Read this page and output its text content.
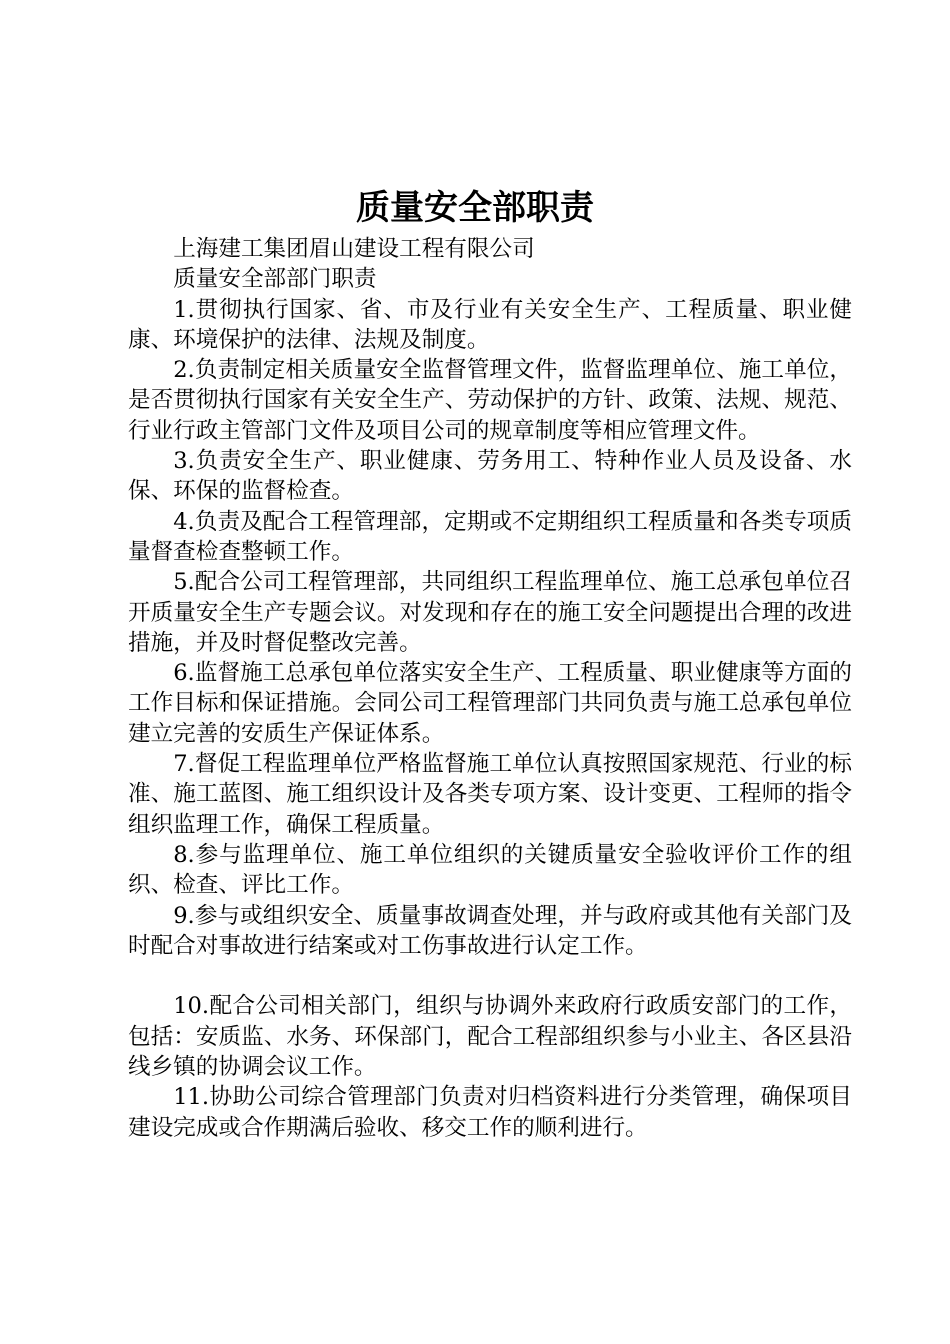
质量安全部职责

上海建工集团眉山建设工程有限公司

质量安全部部门职责

1.贯彻执行国家、省、市及行业有关安全生产、工程质量、职业健康、环境保护的法律、法规及制度。

2.负责制定相关质量安全监督管理文件，监督监理单位、施工单位，是否贯彻执行国家有关安全生产、劳动保护的方针、政策、法规、规范、行业行政主管部门文件及项目公司的规章制度等相应管理文件。

3.负责安全生产、职业健康、劳务用工、特种作业人员及设备、水保、环保的监督检查。

4.负责及配合工程管理部，定期或不定期组织工程质量和各类专项质量督查检查整顿工作。

5.配合公司工程管理部，共同组织工程监理单位、施工总承包单位召开质量安全生产专题会议。对发现和存在的施工安全问题提出合理的改进措施，并及时督促整改完善。

6.监督施工总承包单位落实安全生产、工程质量、职业健康等方面的工作目标和保证措施。会同公司工程管理部门共同负责与施工总承包单位建立完善的安质生产保证体系。

7.督促工程监理单位严格监督施工单位认真按照国家规范、行业的标准、施工蓝图、施工组织设计及各类专项方案、设计变更、工程师的指令组织监理工作，确保工程质量。

8.参与监理单位、施工单位组织的关键质量安全验收评价工作的组织、检查、评比工作。

9.参与或组织安全、质量事故调查处理，并与政府或其他有关部门及时配合对事故进行结案或对工伤事故进行认定工作。

10.配合公司相关部门，组织与协调外来政府行政质安部门的工作，包括：安质监、水务、环保部门，配合工程部组织参与小业主、各区县沿线乡镇的协调会议工作。

11.协助公司综合管理部门负责对归档资料进行分类管理，确保项目建设完成或合作期满后验收、移交工作的顺利进行。
